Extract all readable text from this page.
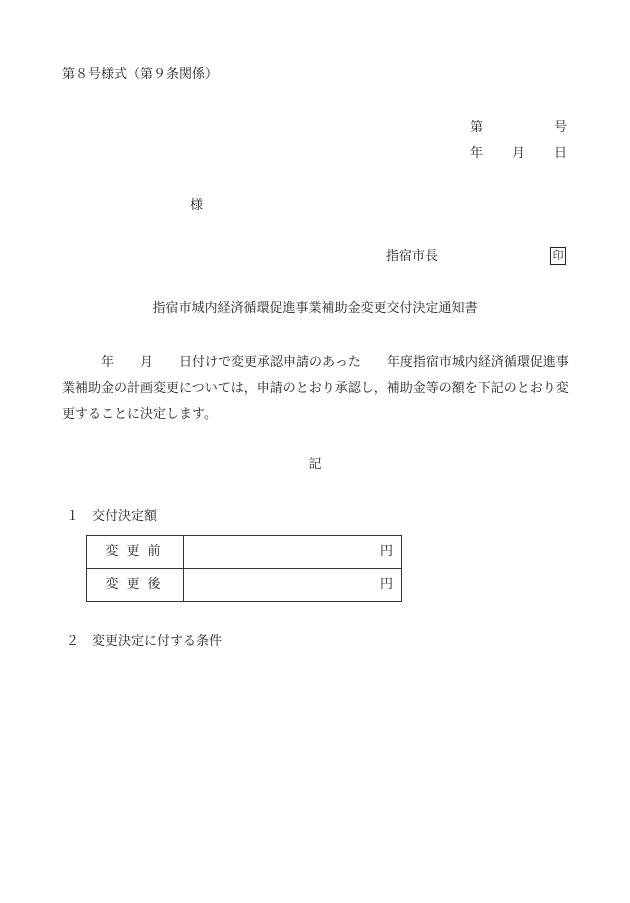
第８号様式（第９条関係）
第	号
年 月 日
様
指宿市長	印
指宿市城内経済循環促進事業補助金変更交付決定通知書

年　　月　　日付けで変更承認申請のあった　　年度指宿市城内経済循環促進事業補助金の計画変更については，申請のとおり承認し，補助金等の額を下記のとおり変更することに決定します。

記
１　交付決定額
変更前	円
変更後	円
２　変更決定に付する条件
